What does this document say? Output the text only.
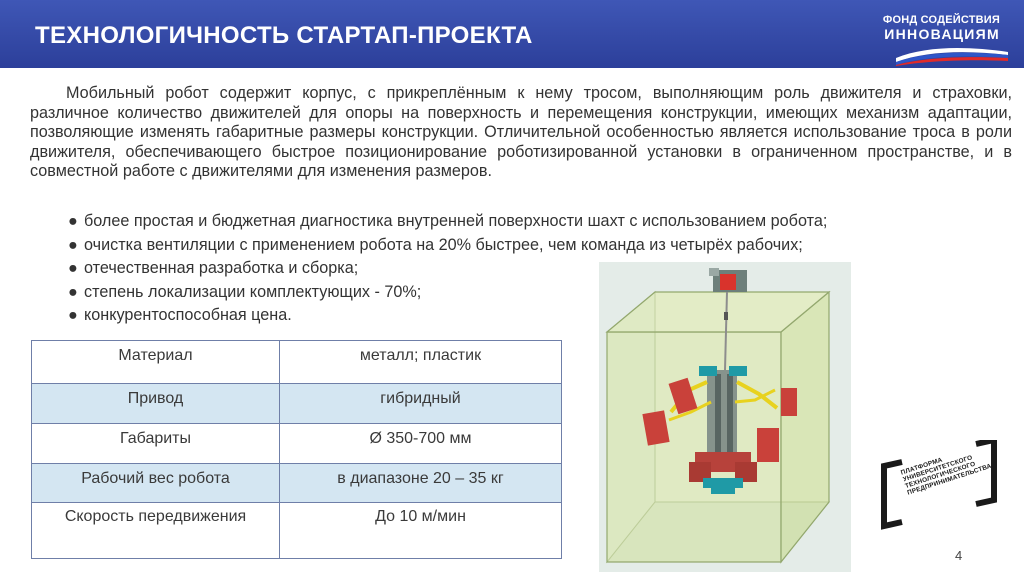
ТЕХНОЛОГИЧНОСТЬ СТАРТАП-ПРОЕКТА
ФОНД СОДЕЙСТВИЯ
ИННОВАЦИЯМ

Мобильный робот содержит корпус, с прикреплённым к нему тросом, выполняющим роль движителя и страховки, различное количество движителей для опоры на поверхность и перемещения конструкции, имеющих механизм адаптации, позволяющие изменять габаритные размеры конструкции. Отличительной особенностью является использование троса в роли движителя, обеспечивающего быстрое позиционирование роботизированной установки в ограниченном пространстве, и в совместной работе с движителями для изменения размеров.

● более простая и бюджетная диагностика внутренней поверхности шахт с использованием робота;
● очистка вентиляции с применением робота на 20% быстрее, чем команда из четырёх рабочих;
● отечественная разработка и сборка;
● степень локализации комплектующих - 70%;
● конкурентоспособная цена.
Материал	металл; пластик
Привод	гибридный
Габариты	Ø 350-700 мм
Рабочий вес робота	в диапазоне 20 – 35 кг
Скорость передвижения	До 10 м/мин
ПЛАТФОРМА УНИВЕРСИТЕТСКОГО ТЕХНОЛОГИЧЕСКОГО ПРЕДПРИНИМАТЕЛЬСТВА
4
